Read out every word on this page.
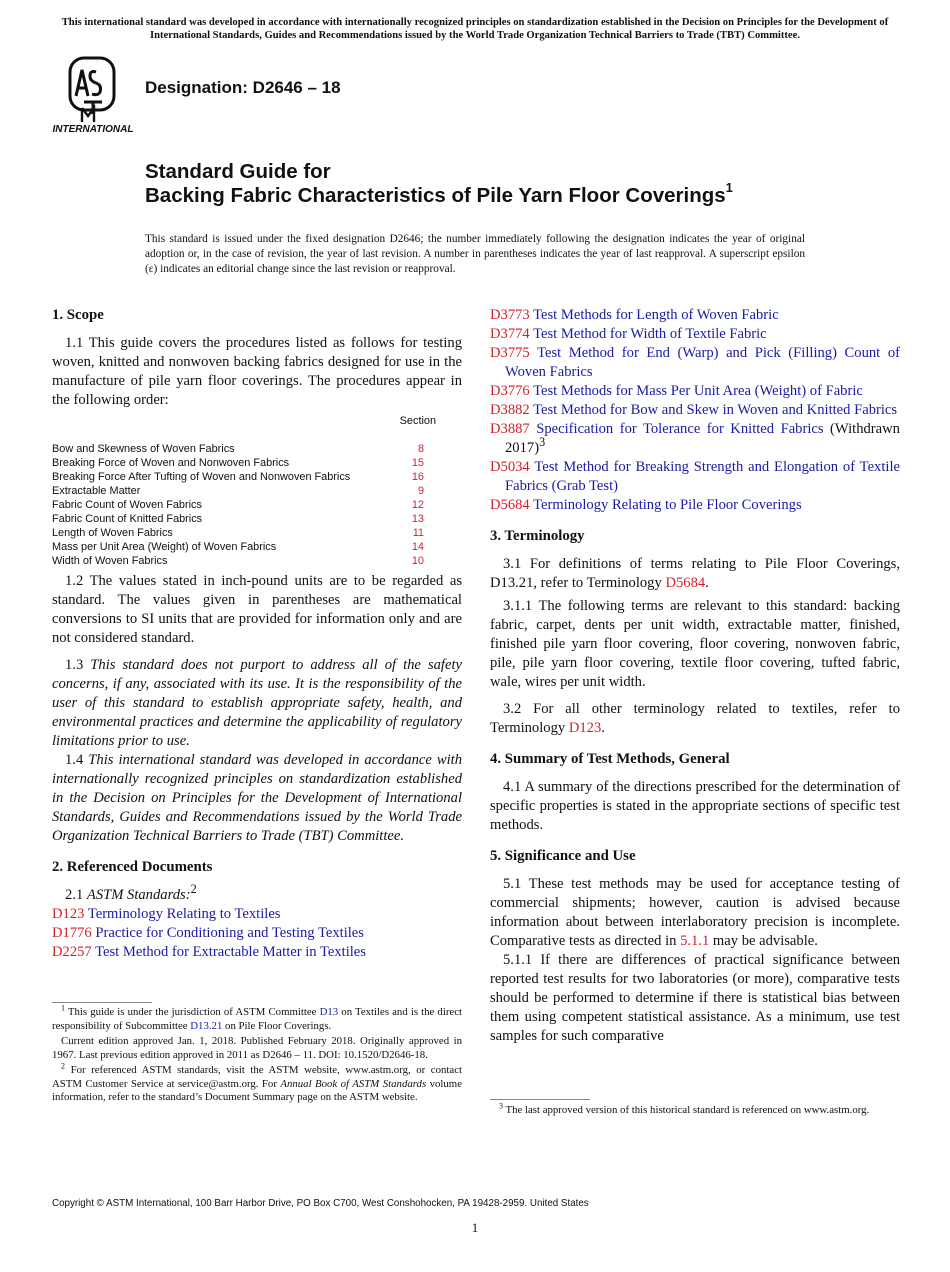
This international standard was developed in accordance with internationally recognized principles on standardization established in the Decision on Principles for the Development of International Standards, Guides and Recommendations issued by the World Trade Organization Technical Barriers to Trade (TBT) Committee.
INTERNATIONAL
Designation: D2646 – 18
Standard Guide for
Backing Fabric Characteristics of Pile Yarn Floor Coverings$^1$
This standard is issued under the fixed designation D2646; the number immediately following the designation indicates the year of original adoption or, in the case of revision, the year of last revision. A number in parentheses indicates the year of last reapproval. A superscript epsilon (ε) indicates an editorial change since the last revision or reapproval.
1. Scope

1.1 This guide covers the procedures listed as follows for testing woven, knitted and nonwoven backing fabrics designed for use in the manufacture of pile yarn floor coverings. The procedures appear in the following order:

Section
Bow and Skewness of Woven Fabrics	8
Breaking Force of Woven and Nonwoven Fabrics	15
Breaking Force After Tufting of Woven and Nonwoven Fabrics	16
Extractable Matter	9
Fabric Count of Woven Fabrics	12
Fabric Count of Knitted Fabrics	13
Length of Woven Fabrics	11
Mass per Unit Area (Weight) of Woven Fabrics	14
Width of Woven Fabrics	10

1.2 The values stated in inch-pound units are to be regarded as standard. The values given in parentheses are mathematical conversions to SI units that are provided for information only and are not considered standard.

1.3 This standard does not purport to address all of the safety concerns, if any, associated with its use. It is the responsibility of the user of this standard to establish appropriate safety, health, and environmental practices and determine the applicability of regulatory limitations prior to use.

1.4 This international standard was developed in accordance with internationally recognized principles on standardization established in the Decision on Principles for the Development of International Standards, Guides and Recommendations issued by the World Trade Organization Technical Barriers to Trade (TBT) Committee.

2. Referenced Documents

2.1 ASTM Standards:$^2$

D123 Terminology Relating to Textiles
D1776 Practice for Conditioning and Testing Textiles
D2257 Test Method for Extractable Matter in Textiles

$^1$ This guide is under the jurisdiction of ASTM Committee D13 on Textiles and is the direct responsibility of Subcommittee D13.21 on Pile Floor Coverings.

Current edition approved Jan. 1, 2018. Published February 2018. Originally approved in 1967. Last previous edition approved in 2011 as D2646 – 11. DOI: 10.1520/D2646-18.

$^2$ For referenced ASTM standards, visit the ASTM website, www.astm.org, or contact ASTM Customer Service at service@astm.org. For Annual Book of ASTM Standards volume information, refer to the standard’s Document Summary page on the ASTM website.

D3773 Test Methods for Length of Woven Fabric
D3774 Test Method for Width of Textile Fabric
D3775 Test Method for End (Warp) and Pick (Filling) Count of Woven Fabrics
D3776 Test Methods for Mass Per Unit Area (Weight) of Fabric
D3882 Test Method for Bow and Skew in Woven and Knitted Fabrics
D3887 Specification for Tolerance for Knitted Fabrics (Withdrawn 2017)$^3$
D5034 Test Method for Breaking Strength and Elongation of Textile Fabrics (Grab Test)
D5684 Terminology Relating to Pile Floor Coverings
3. Terminology

3.1 For definitions of terms relating to Pile Floor Coverings, D13.21, refer to Terminology D5684.

3.1.1 The following terms are relevant to this standard: backing fabric, carpet, dents per unit width, extractable matter, finished, finished pile yarn floor covering, floor covering, nonwoven fabric, pile, pile yarn floor covering, textile floor covering, tufted fabric, wale, wires per unit width.

3.2 For all other terminology related to textiles, refer to Terminology D123.

4. Summary of Test Methods, General

4.1 A summary of the directions prescribed for the determination of specific properties is stated in the appropriate sections of specific test methods.

5. Significance and Use

5.1 These test methods may be used for acceptance testing of commercial shipments; however, caution is advised because information about between interlaboratory precision is incomplete. Comparative tests as directed in 5.1.1 may be advisable.

5.1.1 If there are differences of practical significance between reported test results for two laboratories (or more), comparative tests should be performed to determine if there is statistical bias between them using competent statistical assistance. As a minimum, use test samples for such comparative

$^3$ The last approved version of this historical standard is referenced on www.astm.org.

Copyright © ASTM International, 100 Barr Harbor Drive, PO Box C700, West Conshohocken, PA 19428-2959. United States
1
